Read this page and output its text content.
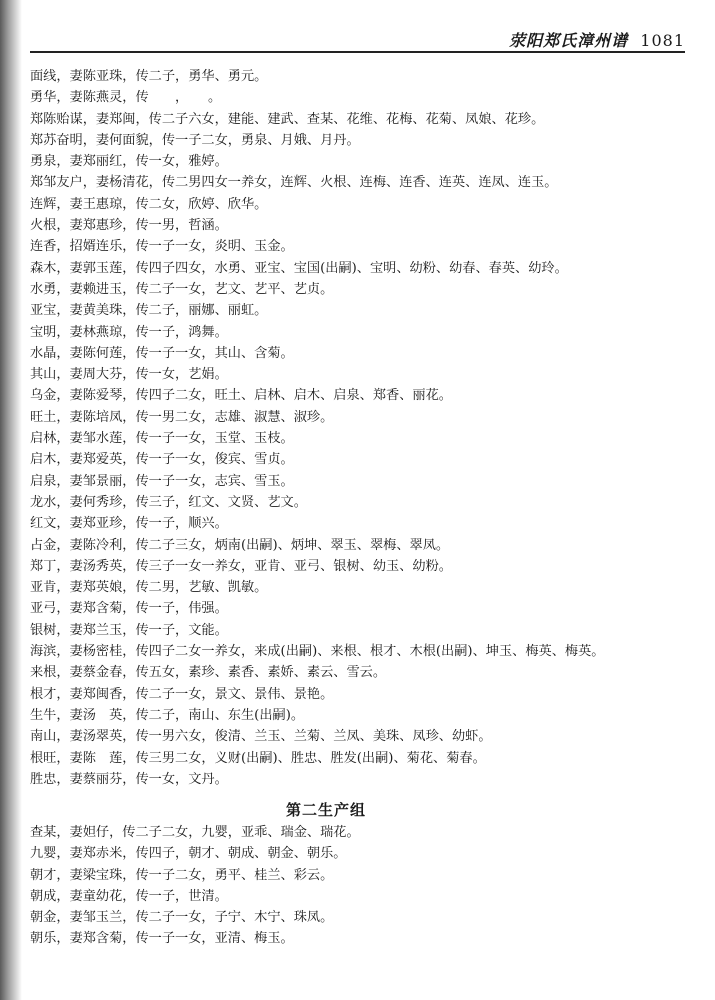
荥阳郑氏漳州谱 1081
面线，妻陈亚珠，传二子，勇华、勇元。
勇华，妻陈燕灵，传　　，　　。
郑陈贻谋，妻郑闽，传二子六女，建能、建武、查某、花维、花梅、花菊、凤娘、花珍。
郑苏奋明，妻何面貌，传一子二女，勇泉、月娥、月丹。
勇泉，妻郑丽红，传一女，雅婷。
郑邹友户，妻杨清花，传二男四女一养女，连辉、火根、连梅、连香、连英、连凤、连玉。
连辉，妻王惠琼，传二女，欣婷、欣华。
火根，妻郑惠珍，传一男，哲涵。
连香，招婿连乐，传一子一女，炎明、玉金。
森木，妻郭玉莲，传四子四女，水勇、亚宝、宝国(出嗣)、宝明、幼粉、幼春、春英、幼玲。
水勇，妻赖进玉，传二子一女，艺文、艺平、艺贞。
亚宝，妻黄美珠，传二子，丽娜、丽虹。
宝明，妻林燕琼，传一子，鸿舞。
水晶，妻陈何莲，传一子一女，其山、含菊。
其山，妻周大芬，传一女，艺娟。
乌金，妻陈爱琴，传四子二女，旺土、启林、启木、启泉、郑香、丽花。
旺土，妻陈培凤，传一男二女，志雄、淑慧、淑珍。
启林，妻邹水莲，传一子一女，玉堂、玉枝。
启木，妻郑爱英，传一子一女，俊宾、雪贞。
启泉，妻邹景丽，传一子一女，志宾、雪玉。
龙水，妻何秀珍，传三子，红文、文贤、艺文。
红文，妻郑亚珍，传一子，顺兴。
占金，妻陈冷利，传二子三女，炳南(出嗣)、炳坤、翠玉、翠梅、翠凤。
郑丁，妻汤秀英，传三子一女一养女，亚肯、亚弓、银树、幼玉、幼粉。
亚肯，妻郑英娘，传二男，艺敏、凯敏。
亚弓，妻郑含菊，传一子，伟强。
银树，妻郑兰玉，传一子，文能。
海滨，妻杨密桂，传四子二女一养女，来成(出嗣)、来根、根才、木根(出嗣)、坤玉、梅英、梅英。
来根，妻蔡金春，传五女，素珍、素香、素娇、素云、雪云。
根才，妻郑闽香，传二子一女，景文、景伟、景艳。
生牛，妻汤　英，传二子，南山、东生(出嗣)。
南山，妻汤翠英，传一男六女，俊清、兰玉、兰菊、兰凤、美珠、凤珍、幼虾。
根旺，妻陈　莲，传三男二女，义财(出嗣)、胜忠、胜发(出嗣)、菊花、菊春。
胜忠，妻蔡丽芬，传一女，文丹。
第二生产组
查某，妻妲仔，传二子二女，九婴，亚乖、瑞金、瑞花。
九婴，妻郑赤米，传四子，朝才、朝成、朝金、朝乐。
朝才，妻梁宝珠，传一子二女，勇平、桂兰、彩云。
朝成，妻童幼花，传一子，世清。
朝金，妻邹玉兰，传二子一女，子宁、木宁、珠凤。
朝乐，妻郑含菊，传一子一女，亚清、梅玉。
